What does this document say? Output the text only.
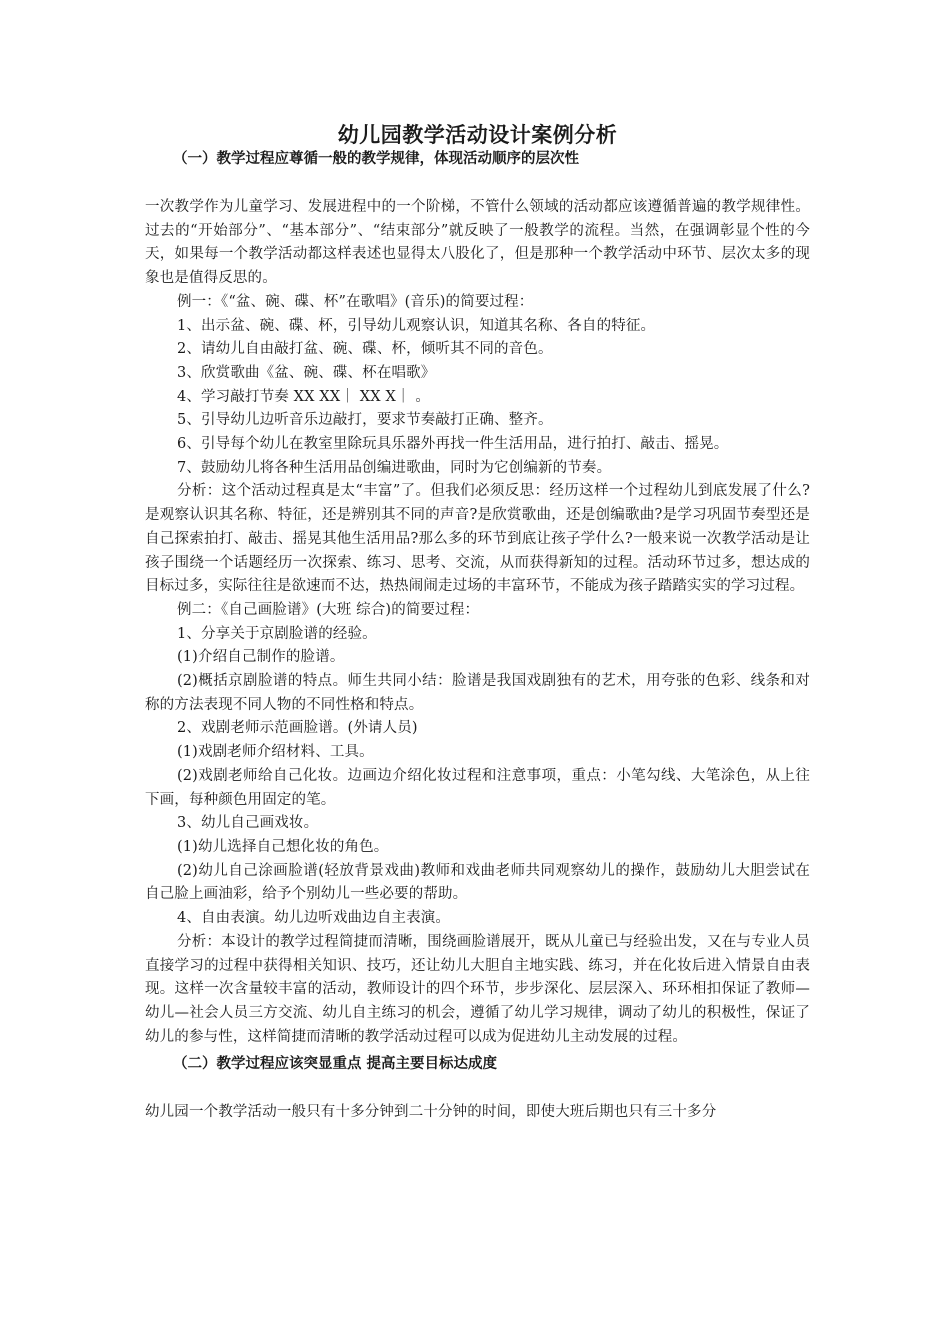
幼儿园教学活动设计案例分析
（一）教学过程应尊循一般的教学规律，体现活动顺序的层次性

一次教学作为儿童学习、发展进程中的一个阶梯，不管什么领域的活动都应该遵循普遍的教学规律性。过去的“开始部分”、“基本部分”、“结束部分”就反映了一般教学的流程。当然，在强调彰显个性的今天，如果每一个教学活动都这样表述也显得太八股化了，但是那种一个教学活动中环节、层次太多的现象也是值得反思的。

例一：《“盆、碗、碟、杯”在歌唱》(音乐)的简要过程：

1、出示盆、碗、碟、杯，引导幼儿观察认识，知道其名称、各自的特征。

2、请幼儿自由敲打盆、碗、碟、杯，倾听其不同的音色。

3、欣赏歌曲《盆、碗、碟、杯在唱歌》

4、学习敲打节奏 XX XX｜ XX X｜ 。

5、引导幼儿边听音乐边敲打，要求节奏敲打正确、整齐。

6、引导每个幼儿在教室里除玩具乐器外再找一件生活用品，进行拍打、敲击、摇晃。

7、鼓励幼儿将各种生活用品创编进歌曲，同时为它创编新的节奏。

分析：这个活动过程真是太“丰富”了。但我们必须反思：经历这样一个过程幼儿到底发展了什么?是观察认识其名称、特征，还是辨别其不同的声音?是欣赏歌曲，还是创编歌曲?是学习巩固节奏型还是自己探索拍打、敲击、摇晃其他生活用品?那么多的环节到底让孩子学什么?一般来说一次教学活动是让孩子围绕一个话题经历一次探索、练习、思考、交流，从而获得新知的过程。活动环节过多，想达成的目标过多，实际往往是欲速而不达，热热闹闹走过场的丰富环节，不能成为孩子踏踏实实的学习过程。

例二：《自己画脸谱》(大班 综合)的简要过程：

1、分享关于京剧脸谱的经验。

(1)介绍自己制作的脸谱。

(2)概括京剧脸谱的特点。师生共同小结：脸谱是我国戏剧独有的艺术，用夸张的色彩、线条和对称的方法表现不同人物的不同性格和特点。

2、戏剧老师示范画脸谱。(外请人员)

(1)戏剧老师介绍材料、工具。

(2)戏剧老师给自己化妆。边画边介绍化妆过程和注意事项，重点：小笔勾线、大笔涂色，从上往下画，每种颜色用固定的笔。

3、幼儿自己画戏妆。

(1)幼儿选择自己想化妆的角色。

(2)幼儿自己涂画脸谱(轻放背景戏曲)教师和戏曲老师共同观察幼儿的操作，鼓励幼儿大胆尝试在自己脸上画油彩，给予个别幼儿一些必要的帮助。

4、自由表演。幼儿边听戏曲边自主表演。

分析：本设计的教学过程简捷而清晰，围绕画脸谱展开，既从儿童已与经验出发，又在与专业人员直接学习的过程中获得相关知识、技巧，还让幼儿大胆自主地实践、练习，并在化妆后进入情景自由表现。这样一次含量较丰富的活动，教师设计的四个环节，步步深化、层层深入、环环相扣保证了教师—幼儿—社会人员三方交流、幼儿自主练习的机会，遵循了幼儿学习规律，调动了幼儿的积极性，保证了幼儿的参与性，这样简捷而清晰的教学活动过程可以成为促进幼儿主动发展的过程。

（二）教学过程应该突显重点 提高主要目标达成度

幼儿园一个教学活动一般只有十多分钟到二十分钟的时间，即使大班后期也只有三十多分
